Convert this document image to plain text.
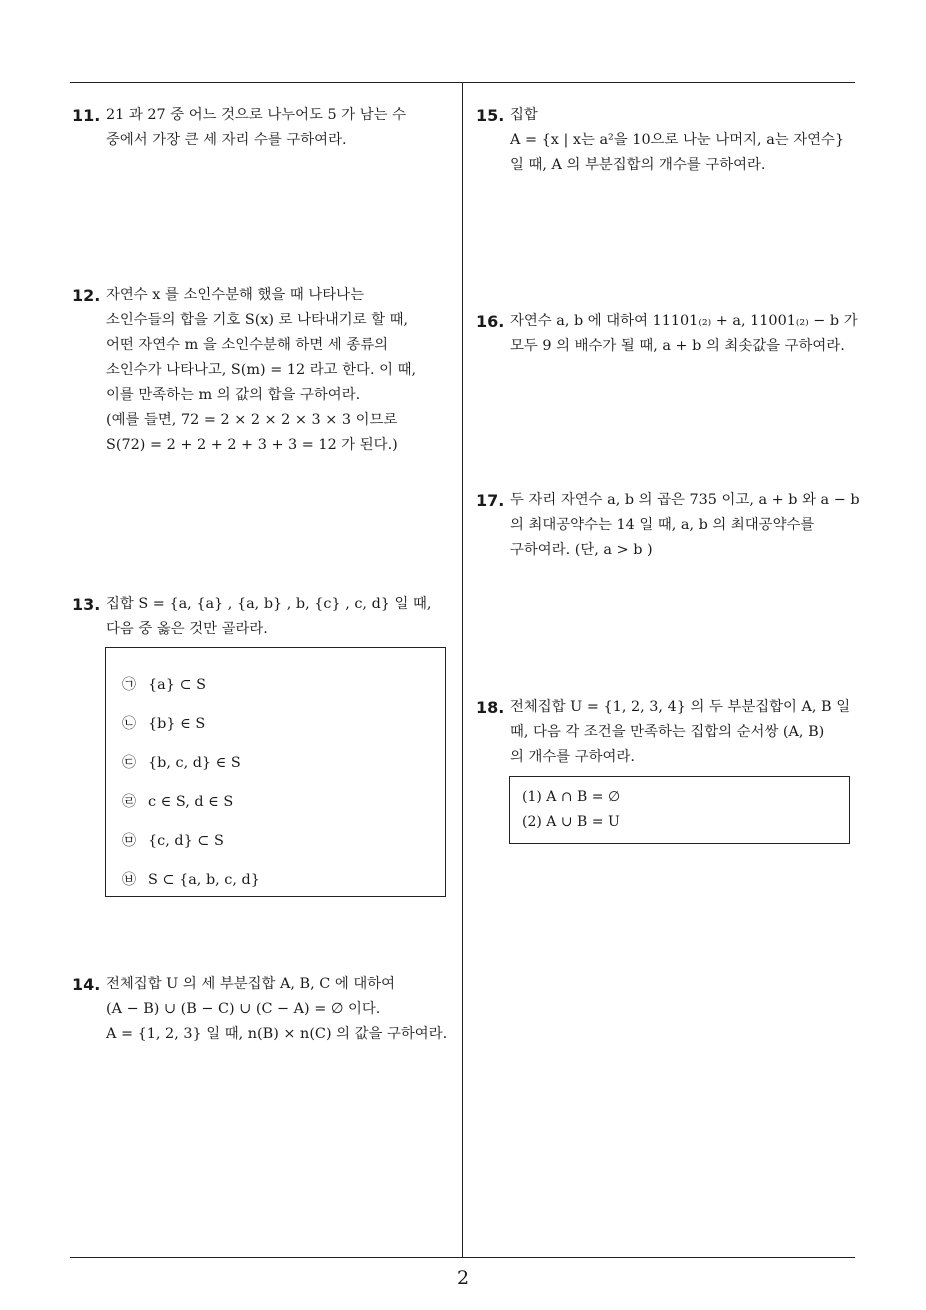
11. 21 과 27 중 어느 것으로 나누어도 5 가 남는 수
중에서 가장 큰 세 자리 수를 구하여라.
12. 자연수 x 를 소인수분해 했을 때 나타나는
소인수들의 합을 기호 S(x) 로 나타내기로 할 때,
어떤 자연수 m 을 소인수분해 하면 세 종류의
소인수가 나타나고, S(m) = 12 라고 한다. 이 때,
이를 만족하는 m 의 값의 합을 구하여라.
(예를 들면, 72 = 2 × 2 × 2 × 3 × 3 이므로
S(72) = 2 + 2 + 2 + 3 + 3 = 12 가 된다.)
13. 집합 S = {a, {a} , {a, b} , b, {c} , c, d} 일 때,
다음 중 옳은 것만 골라라.
㉠ {a} ⊂ S
㉡ {b} ∈ S
㉢ {b, c, d} ∈ S
㉣ c ∈ S, d ∈ S
㉤ {c, d} ⊂ S
㉥ S ⊂ {a, b, c, d}
14. 전체집합 U 의 세 부분집합 A, B, C 에 대하여
(A − B) ∪ (B − C) ∪ (C − A) = ∅ 이다.
A = {1, 2, 3} 일 때, n(B) × n(C) 의 값을 구하여라.
15. 집합
A = {x | x는 a²을 10으로 나눈 나머지, a는 자연수}
일 때, A 의 부분집합의 개수를 구하여라.
16. 자연수 a, b 에 대하여 11101₍₂₎ + a, 11001₍₂₎ − b 가
모두 9 의 배수가 될 때, a + b 의 최솟값을 구하여라.
17. 두 자리 자연수 a, b 의 곱은 735 이고, a + b 와 a − b
의 최대공약수는 14 일 때, a, b 의 최대공약수를
구하여라. (단, a > b )
18. 전체집합 U = {1, 2, 3, 4} 의 두 부분집합이 A, B 일
때, 다음 각 조건을 만족하는 집합의 순서쌍 (A, B)
의 개수를 구하여라.
(1) A ∩ B = ∅
(2) A ∪ B = U
2
